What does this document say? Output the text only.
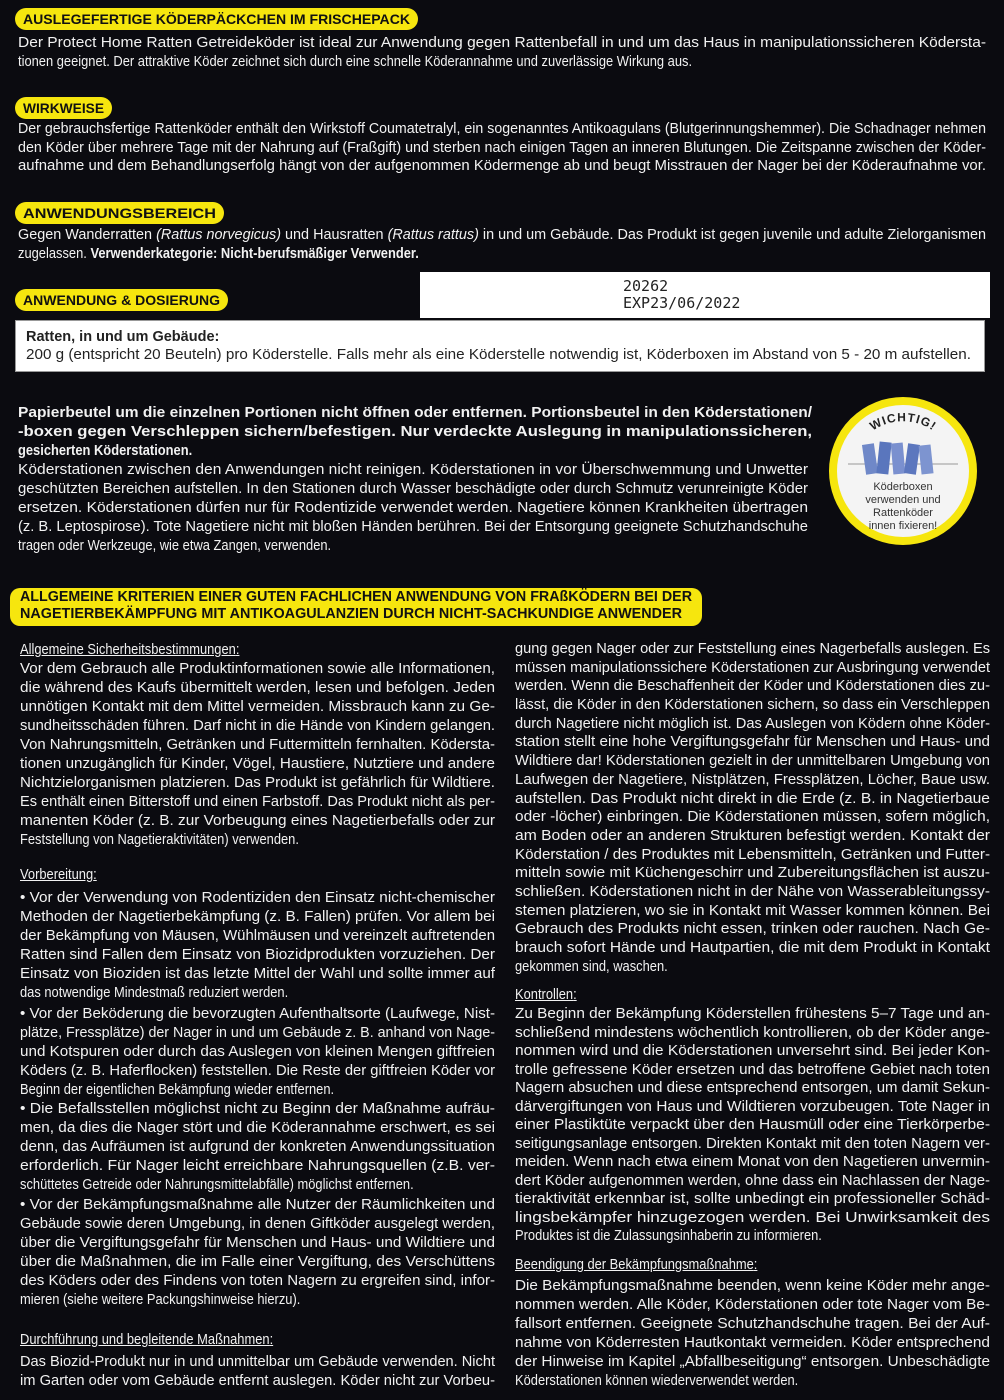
AUSLEGEFERTIGE KÖDERPÄCKCHEN IM FRISCHEPACK
Der Protect Home Ratten Getreideköder ist ideal zur Anwendung gegen Rattenbefall in und um das Haus in manipulationssicheren Ködersta-
tionen geeignet. Der attraktive Köder zeichnet sich durch eine schnelle Köderannahme und zuverlässige Wirkung aus.
WIRKWEISE
Der gebrauchsfertige Rattenköder enthält den Wirkstoff Coumatetralyl, ein sogenanntes Antikoagulans (Blutgerinnungshemmer). Die Schadnager nehmen
den Köder über mehrere Tage mit der Nahrung auf (Fraßgift) und sterben nach einigen Tagen an inneren Blutungen. Die Zeitspanne zwischen der Köder-
aufnahme und dem Behandlungserfolg hängt von der aufgenommen Ködermenge ab und beugt Misstrauen der Nager bei der Köderaufnahme vor.
ANWENDUNGSBEREICH
Gegen Wanderratten (Rattus norvegicus) und Hausratten (Rattus rattus) in und um Gebäude. Das Produkt ist gegen juvenile und adulte Zielorganismen
zugelassen. Verwenderkategorie: Nicht-berufsmäßiger Verwender.
ANWENDUNG & DOSIERUNG
20262
EXP23/06/2022
Ratten, in und um Gebäude:
200 g (entspricht 20 Beuteln) pro Köderstelle. Falls mehr als eine Köderstelle notwendig ist, Köderboxen im Abstand von 5 - 20 m aufstellen.
Papierbeutel um die einzelnen Portionen nicht öffnen oder entfernen. Portionsbeutel in den Köderstationen/
-boxen gegen Verschleppen sichern/befestigen. Nur verdeckte Auslegung in manipulationssicheren,
gesicherten Köderstationen.
Köderstationen zwischen den Anwendungen nicht reinigen. Köderstationen in vor Überschwemmung und Unwetter
geschützten Bereichen aufstellen. In den Stationen durch Wasser beschädigte oder durch Schmutz verunreinigte Köder
ersetzen. Köderstationen dürfen nur für Rodentizide verwendet werden. Nagetiere können Krankheiten übertragen
(z. B. Leptospirose). Tote Nagetiere nicht mit bloßen Händen berühren. Bei der Entsorgung geeignete Schutzhandschuhe
tragen oder Werkzeuge, wie etwa Zangen, verwenden.
WICHTIG!
Köderboxen
verwenden und
Rattenköder
innen fixieren!
ALLGEMEINE KRITERIEN EINER GUTEN FACHLICHEN ANWENDUNG VON FRAßKÖDERN BEI DER
NAGETIERBEKÄMPFUNG MIT ANTIKOAGULANZIEN DURCH NICHT-SACHKUNDIGE ANWENDER
Allgemeine Sicherheitsbestimmungen:
Vor dem Gebrauch alle Produktinformationen sowie alle Informationen,
die während des Kaufs übermittelt werden, lesen und befolgen. Jeden
unnötigen Kontakt mit dem Mittel vermeiden. Missbrauch kann zu Ge-
sundheitsschäden führen. Darf nicht in die Hände von Kindern gelangen.
Von Nahrungsmitteln, Getränken und Futtermitteln fernhalten. Ködersta-
tionen unzugänglich für Kinder, Vögel, Haustiere, Nutztiere und andere
Nichtzielorganismen platzieren. Das Produkt ist gefährlich für Wildtiere.
Es enthält einen Bitterstoff und einen Farbstoff. Das Produkt nicht als per-
manenten Köder (z. B. zur Vorbeugung eines Nagetierbefalls oder zur
Feststellung von Nagetieraktivitäten) verwenden.
Vorbereitung:
• Vor der Verwendung von Rodentiziden den Einsatz nicht-chemischer
Methoden der Nagetierbekämpfung (z. B. Fallen) prüfen. Vor allem bei
der Bekämpfung von Mäusen, Wühlmäusen und vereinzelt auftretenden
Ratten sind Fallen dem Einsatz von Biozidprodukten vorzuziehen. Der
Einsatz von Bioziden ist das letzte Mittel der Wahl und sollte immer auf
das notwendige Mindestmaß reduziert werden.
• Vor der Beköderung die bevorzugten Aufenthaltsorte (Laufwege, Nist-
plätze, Fressplätze) der Nager in und um Gebäude z. B. anhand von Nage-
und Kotspuren oder durch das Auslegen von kleinen Mengen giftfreien
Köders (z. B. Haferflocken) feststellen. Die Reste der giftfreien Köder vor
Beginn der eigentlichen Bekämpfung wieder entfernen.
• Die Befallsstellen möglichst nicht zu Beginn der Maßnahme aufräu-
men, da dies die Nager stört und die Köderannahme erschwert, es sei
denn, das Aufräumen ist aufgrund der konkreten Anwendungssituation
erforderlich. Für Nager leicht erreichbare Nahrungsquellen (z.B. ver-
schüttetes Getreide oder Nahrungsmittelabfälle) möglichst entfernen.
• Vor der Bekämpfungsmaßnahme alle Nutzer der Räumlichkeiten und
Gebäude sowie deren Umgebung, in denen Giftköder ausgelegt werden,
über die Vergiftungsgefahr für Menschen und Haus- und Wildtiere und
über die Maßnahmen, die im Falle einer Vergiftung, des Verschüttens
des Köders oder des Findens von toten Nagern zu ergreifen sind, infor-
mieren (siehe weitere Packungshinweise hierzu).
Durchführung und begleitende Maßnahmen:
Das Biozid-Produkt nur in und unmittelbar um Gebäude verwenden. Nicht
im Garten oder vom Gebäude entfernt auslegen. Köder nicht zur Vorbeu-
gung gegen Nager oder zur Feststellung eines Nagerbefalls auslegen. Es
müssen manipulationssichere Köderstationen zur Ausbringung verwendet
werden. Wenn die Beschaffenheit der Köder und Köderstationen dies zu-
lässt, die Köder in den Köderstationen sichern, so dass ein Verschleppen
durch Nagetiere nicht möglich ist. Das Auslegen von Ködern ohne Köder-
station stellt eine hohe Vergiftungsgefahr für Menschen und Haus- und
Wildtiere dar! Köderstationen gezielt in der unmittelbaren Umgebung von
Laufwegen der Nagetiere, Nistplätzen, Fressplätzen, Löcher, Baue usw.
aufstellen. Das Produkt nicht direkt in die Erde (z. B. in Nagetierbaue
oder -löcher) einbringen. Die Köderstationen müssen, sofern möglich,
am Boden oder an anderen Strukturen befestigt werden. Kontakt der
Köderstation / des Produktes mit Lebensmitteln, Getränken und Futter-
mitteln sowie mit Küchengeschirr und Zubereitungsflächen ist auszu-
schließen. Köderstationen nicht in der Nähe von Wasserableitungssy-
stemen platzieren, wo sie in Kontakt mit Wasser kommen können. Bei
Gebrauch des Produkts nicht essen, trinken oder rauchen. Nach Ge-
brauch sofort Hände und Hautpartien, die mit dem Produkt in Kontakt
gekommen sind, waschen.
Kontrollen:
Zu Beginn der Bekämpfung Köderstellen frühestens 5–7 Tage und an-
schließend mindestens wöchentlich kontrollieren, ob der Köder ange-
nommen wird und die Köderstationen unversehrt sind. Bei jeder Kon-
trolle gefressene Köder ersetzen und das betroffene Gebiet nach toten
Nagern absuchen und diese entsprechend entsorgen, um damit Sekun-
därvergiftungen von Haus und Wildtieren vorzubeugen. Tote Nager in
einer Plastiktüte verpackt über den Hausmüll oder eine Tierkörperbe-
seitigungsanlage entsorgen. Direkten Kontakt mit den toten Nagern ver-
meiden. Wenn nach etwa einem Monat von den Nagetieren unvermin-
dert Köder aufgenommen werden, ohne dass ein Nachlassen der Nage-
tieraktivität erkennbar ist, sollte unbedingt ein professioneller Schäd-
lingsbekämpfer hinzugezogen werden. Bei Unwirksamkeit des
Produktes ist die Zulassungsinhaberin zu informieren.
Beendigung der Bekämpfungsmaßnahme:
Die Bekämpfungsmaßnahme beenden, wenn keine Köder mehr ange-
nommen werden. Alle Köder, Köderstationen oder tote Nager vom Be-
fallsort entfernen. Geeignete Schutzhandschuhe tragen. Bei der Auf-
nahme von Köderresten Hautkontakt vermeiden. Köder entsprechend
der Hinweise im Kapitel „Abfallbeseitigung“ entsorgen. Unbeschädigte
Köderstationen können wiederverwendet werden.
